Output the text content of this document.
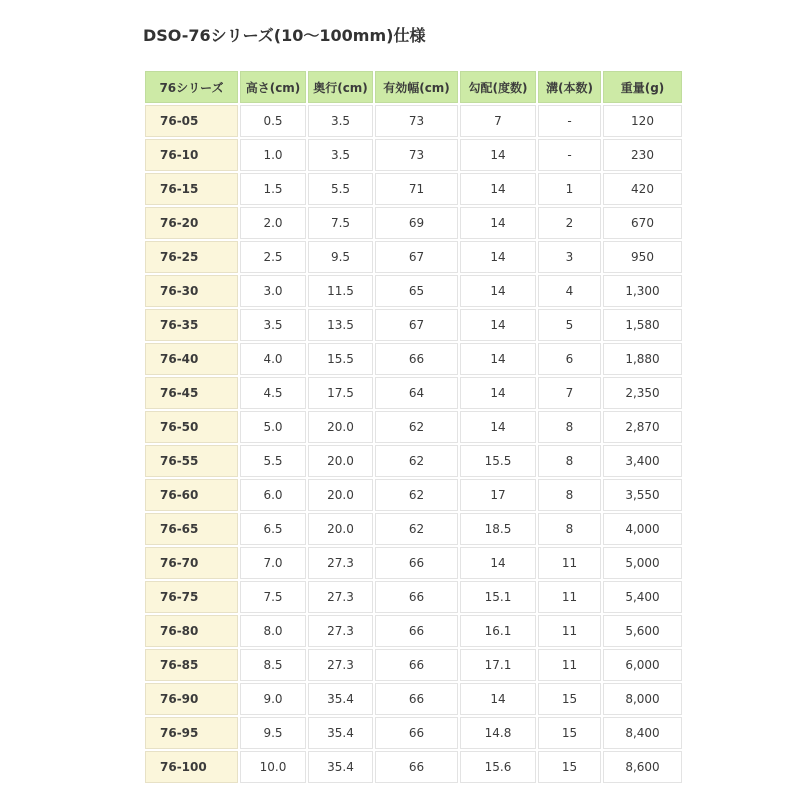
DSO-76シリーズ(10～100mm)仕様
76シリーズ	高さ(cm)	奥行(cm)	有効幅(cm)	勾配(度数)	溝(本数)	重量(g)
76-05	0.5	3.5	73	7	-	120
76-10	1.0	3.5	73	14	-	230
76-15	1.5	5.5	71	14	1	420
76-20	2.0	7.5	69	14	2	670
76-25	2.5	9.5	67	14	3	950
76-30	3.0	11.5	65	14	4	1,300
76-35	3.5	13.5	67	14	5	1,580
76-40	4.0	15.5	66	14	6	1,880
76-45	4.5	17.5	64	14	7	2,350
76-50	5.0	20.0	62	14	8	2,870
76-55	5.5	20.0	62	15.5	8	3,400
76-60	6.0	20.0	62	17	8	3,550
76-65	6.5	20.0	62	18.5	8	4,000
76-70	7.0	27.3	66	14	11	5,000
76-75	7.5	27.3	66	15.1	11	5,400
76-80	8.0	27.3	66	16.1	11	5,600
76-85	8.5	27.3	66	17.1	11	6,000
76-90	9.0	35.4	66	14	15	8,000
76-95	9.5	35.4	66	14.8	15	8,400
76-100	10.0	35.4	66	15.6	15	8,600
